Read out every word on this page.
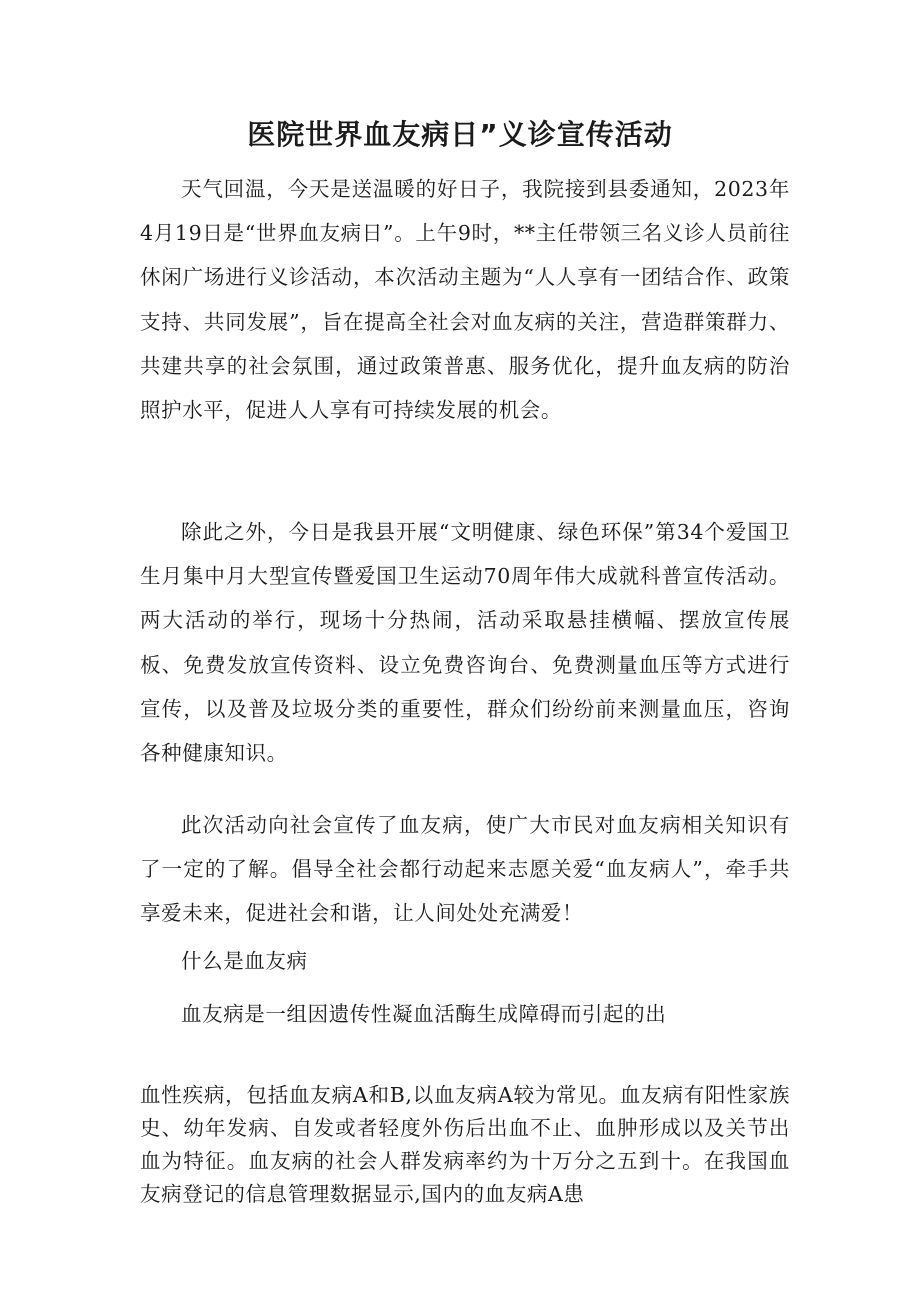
医院世界血友病日”义诊宣传活动

天气回温，今天是送温暖的好日子，我院接到县委通知，2023年4月19日是“世界血友病日”。上午9时，**主任带领三名义诊人员前往休闲广场进行义诊活动，本次活动主题为“人人享有一团结合作、政策支持、共同发展”，旨在提高全社会对血友病的关注，营造群策群力、共建共享的社会氛围，通过政策普惠、服务优化，提升血友病的防治照护水平，促进人人享有可持续发展的机会。

除此之外，今日是我县开展“文明健康、绿色环保”第34个爱国卫生月集中月大型宣传暨爱国卫生运动70周年伟大成就科普宣传活动。两大活动的举行，现场十分热闹，活动采取悬挂横幅、摆放宣传展板、免费发放宣传资料、设立免费咨询台、免费测量血压等方式进行宣传，以及普及垃圾分类的重要性，群众们纷纷前来测量血压，咨询各种健康知识。

此次活动向社会宣传了血友病，使广大市民对血友病相关知识有了一定的了解。倡导全社会都行动起来志愿关爱“血友病人”，牵手共享爱未来，促进社会和谐，让人间处处充满爱！

什么是血友病

血友病是一组因遗传性凝血活酶生成障碍而引起的出

血性疾病，包括血友病A和B,以血友病A较为常见。血友病有阳性家族史、幼年发病、自发或者轻度外伤后出血不止、血肿形成以及关节出血为特征。血友病的社会人群发病率约为十万分之五到十。在我国血友病登记的信息管理数据显示,国内的血友病A患
